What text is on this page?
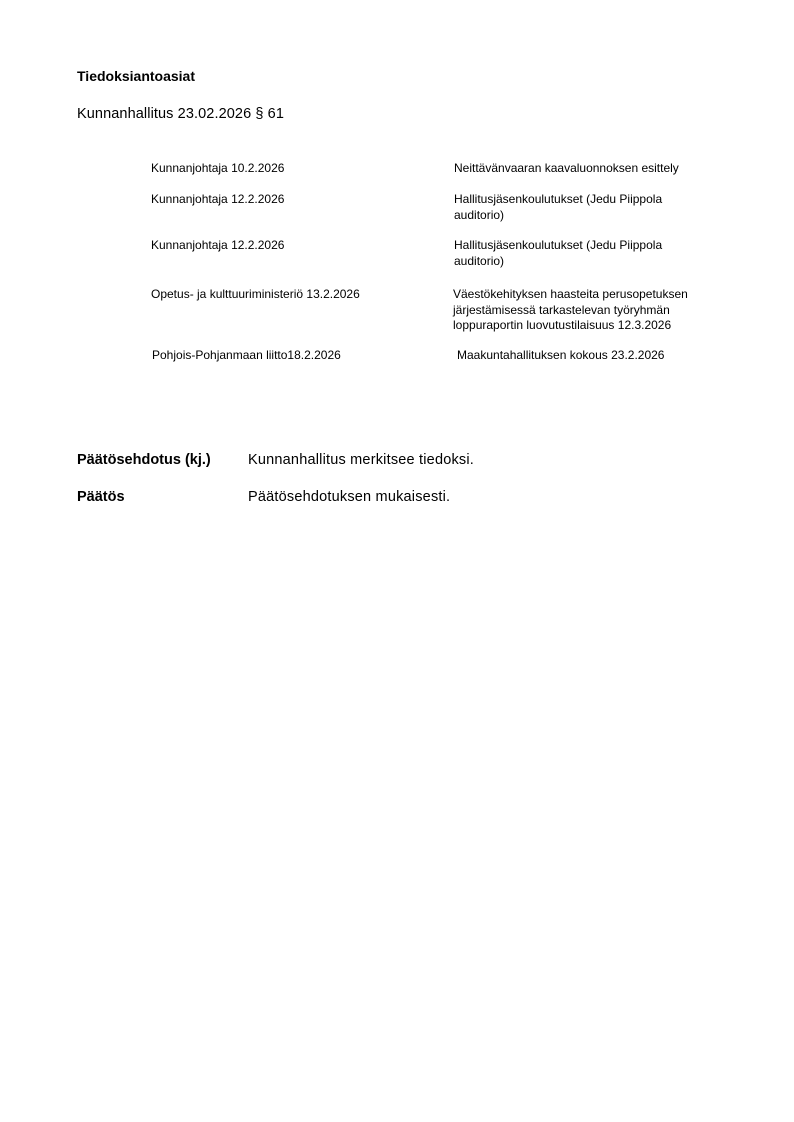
Tiedoksiantoasiat
Kunnanhallitus 23.02.2026 § 61
Kunnanjohtaja 10.2.2026	Neittävänvaaran kaavaluonnoksen esittely
Kunnanjohtaja 12.2.2026	Hallitusjäsenkoulutukset (Jedu Piippola auditorio)
Kunnanjohtaja 12.2.2026	Hallitusjäsenkoulutukset (Jedu Piippola auditorio)
Opetus- ja kulttuuriministeriö 13.2.2026	Väestökehityksen haasteita perusopetuksen järjestämisessä tarkastelevan työryhmän loppuraportin luovutustilaisuus 12.3.2026
Pohjois-Pohjanmaan liitto18.2.2026	Maakuntahallituksen kokous 23.2.2026
Päätösehdotus (kj.)	Kunnanhallitus merkitsee tiedoksi.
Päätös	Päätösehdotuksen mukaisesti.
